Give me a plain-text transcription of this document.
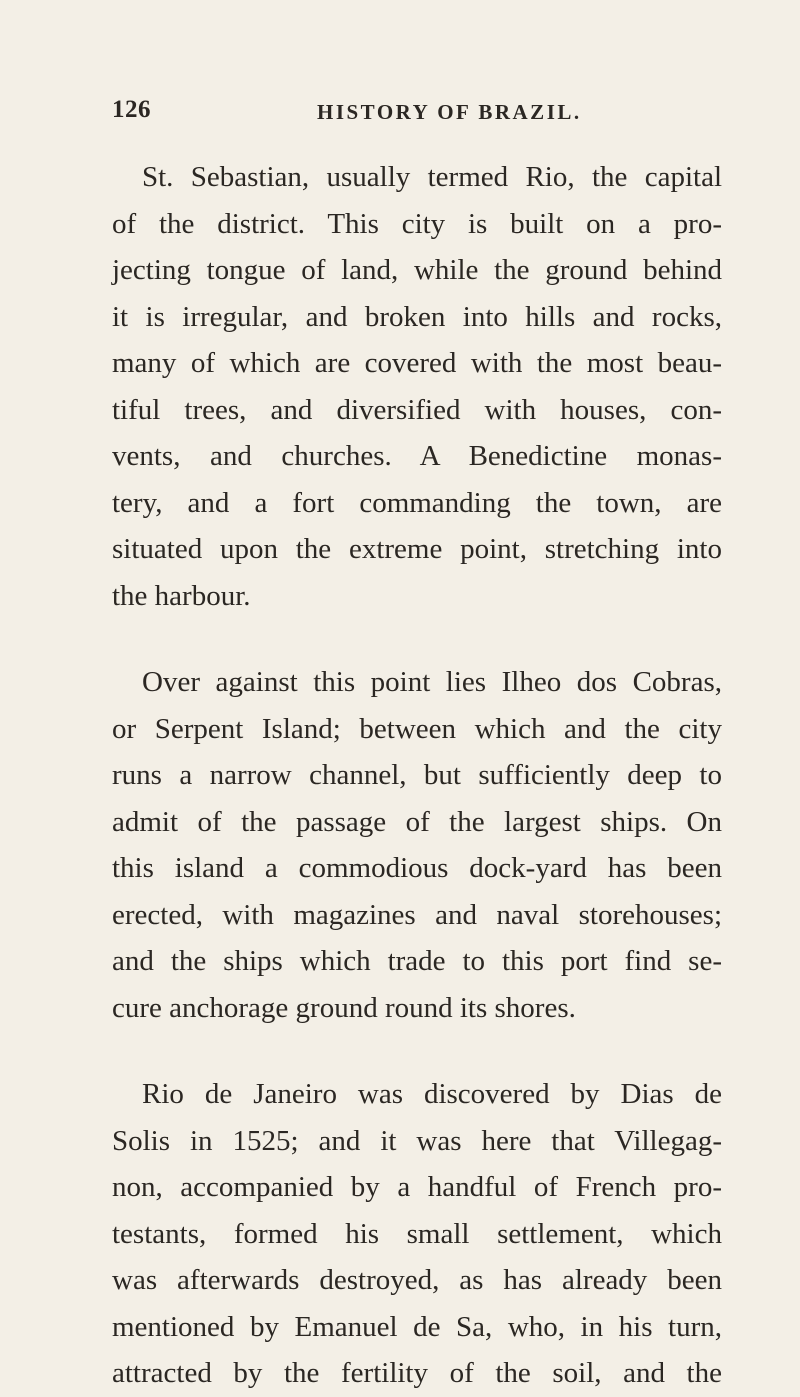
126	HISTORY OF BRAZIL.

St. Sebastian, usually termed Rio, the capital
of the district. This city is built on a pro-
jecting tongue of land, while the ground behind
it is irregular, and broken into hills and rocks,
many of which are covered with the most beau-
tiful trees, and diversified with houses, con-
vents, and churches. A Benedictine monas-
tery, and a fort commanding the town, are
situated upon the extreme point, stretching into
the harbour.

Over against this point lies Ilheo dos Cobras,
or Serpent Island; between which and the city
runs a narrow channel, but sufficiently deep to
admit of the passage of the largest ships. On
this island a commodious dock-yard has been
erected, with magazines and naval storehouses;
and the ships which trade to this port find se-
cure anchorage ground round its shores.

Rio de Janeiro was discovered by Dias de
Solis in 1525; and it was here that Villegag-
non, accompanied by a handful of French pro-
testants, formed his small settlement, which
was afterwards destroyed, as has already been
mentioned by Emanuel de Sa, who, in his turn,
attracted by the fertility of the soil, and the
